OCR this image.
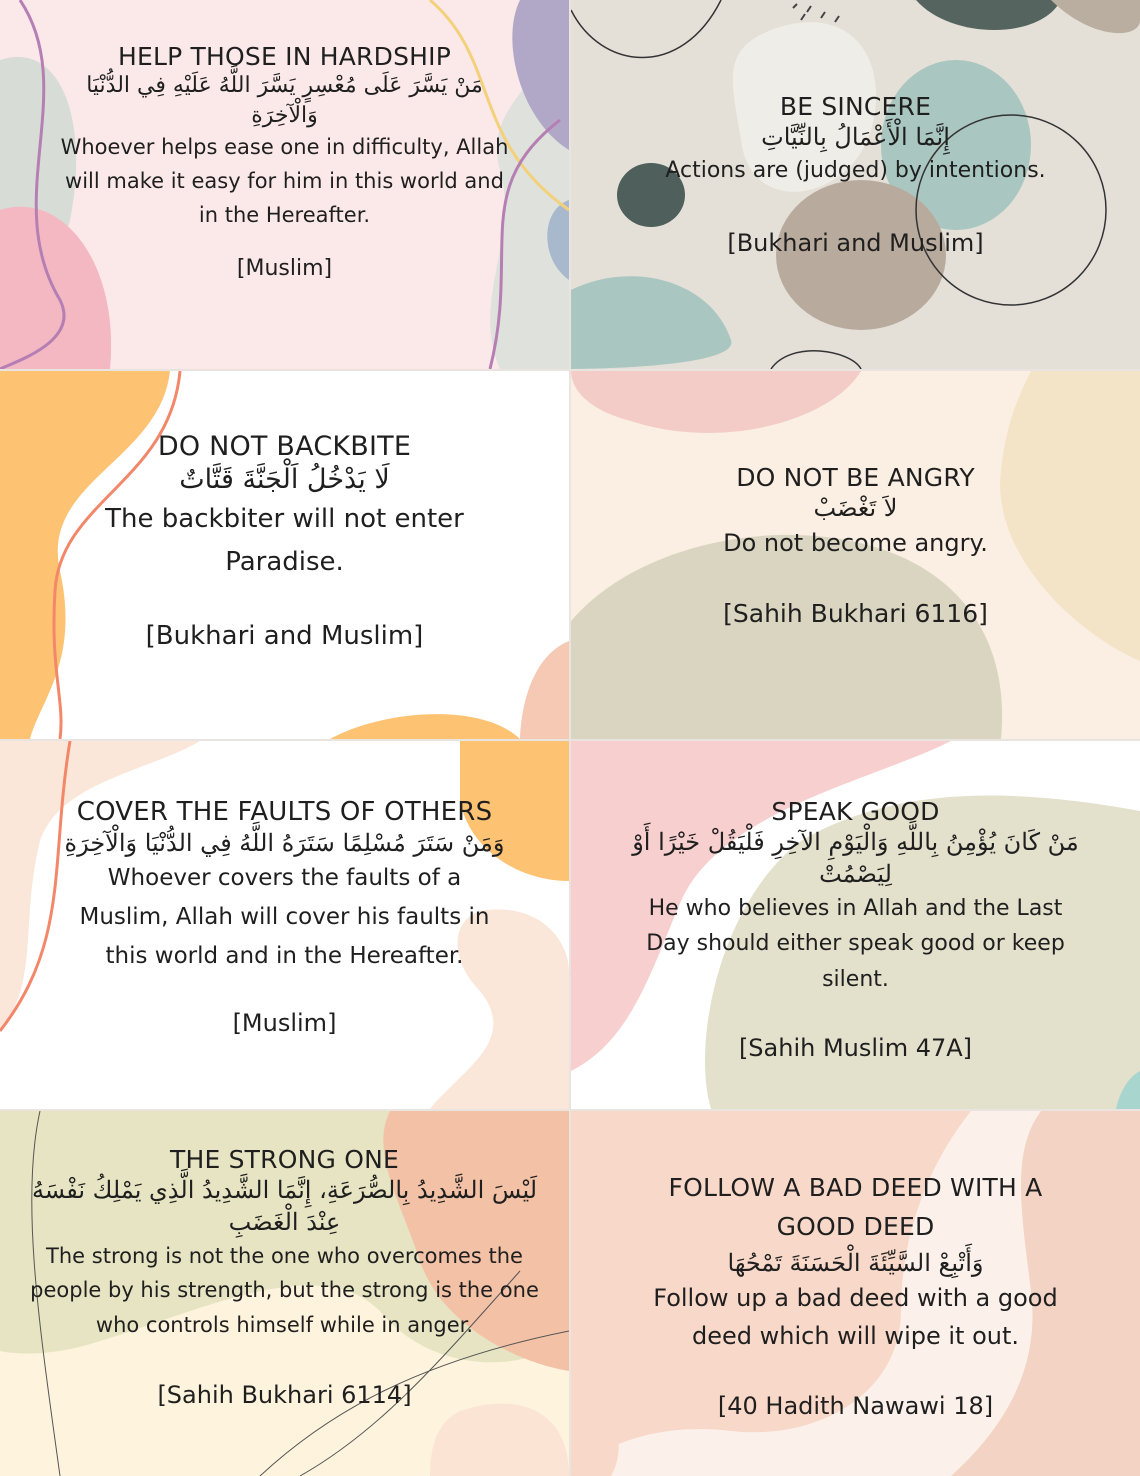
HELP THOSE IN HARDSHIP
مَنْ يَسَّرَ عَلَى مُعْسِرٍ يَسَّرَ اللَّهُ عَلَيْهِ فِي الدُّنْيَا وَالْآخِرَةِ
Whoever helps ease one in difficulty, Allah will make it easy for him in this world and in the Hereafter.
[Muslim]
BE SINCERE
إِنَّمَا الْأَعْمَالُ بِالنِّيَّاتِ
Actions are (judged) by intentions.
[Bukhari and Muslim]
DO NOT BACKBITE
لَا يَدْخُلُ اَلْجَنَّةَ قَتَّاتٌ
The backbiter will not enter Paradise.
[Bukhari and Muslim]
DO NOT BE ANGRY
لاَ تَغْضَبْ
Do not become angry.
[Sahih Bukhari 6116]
COVER THE FAULTS OF OTHERS
وَمَنْ سَتَرَ مُسْلِمًا سَتَرَهُ اللَّهُ فِي الدُّنْيَا وَالْآخِرَةِ
Whoever covers the faults of a Muslim, Allah will cover his faults in this world and in the Hereafter.
[Muslim]
SPEAK GOOD
مَنْ كَانَ يُؤْمِنُ بِاللَّهِ وَالْيَوْمِ الآخِرِ فَلْيَقُلْ خَيْرًا أَوْ لِيَصْمُتْ
He who believes in Allah and the Last Day should either speak good or keep silent.
[Sahih Muslim 47A]
THE STRONG ONE
لَيْسَ الشَّدِيدُ بِالصُّرَعَةِ، إِنَّمَا الشَّدِيدُ الَّذِي يَمْلِكُ نَفْسَهُ عِنْدَ الْغَضَبِ
The strong is not the one who overcomes the people by his strength, but the strong is the one who controls himself while in anger.
[Sahih Bukhari 6114]
FOLLOW A BAD DEED WITH A GOOD DEED
وَأَتْبِعْ السَّيِّئَةَ الْحَسَنَةَ تَمْحُهَا
Follow up a bad deed with a good deed which will wipe it out.
[40 Hadith Nawawi 18]
